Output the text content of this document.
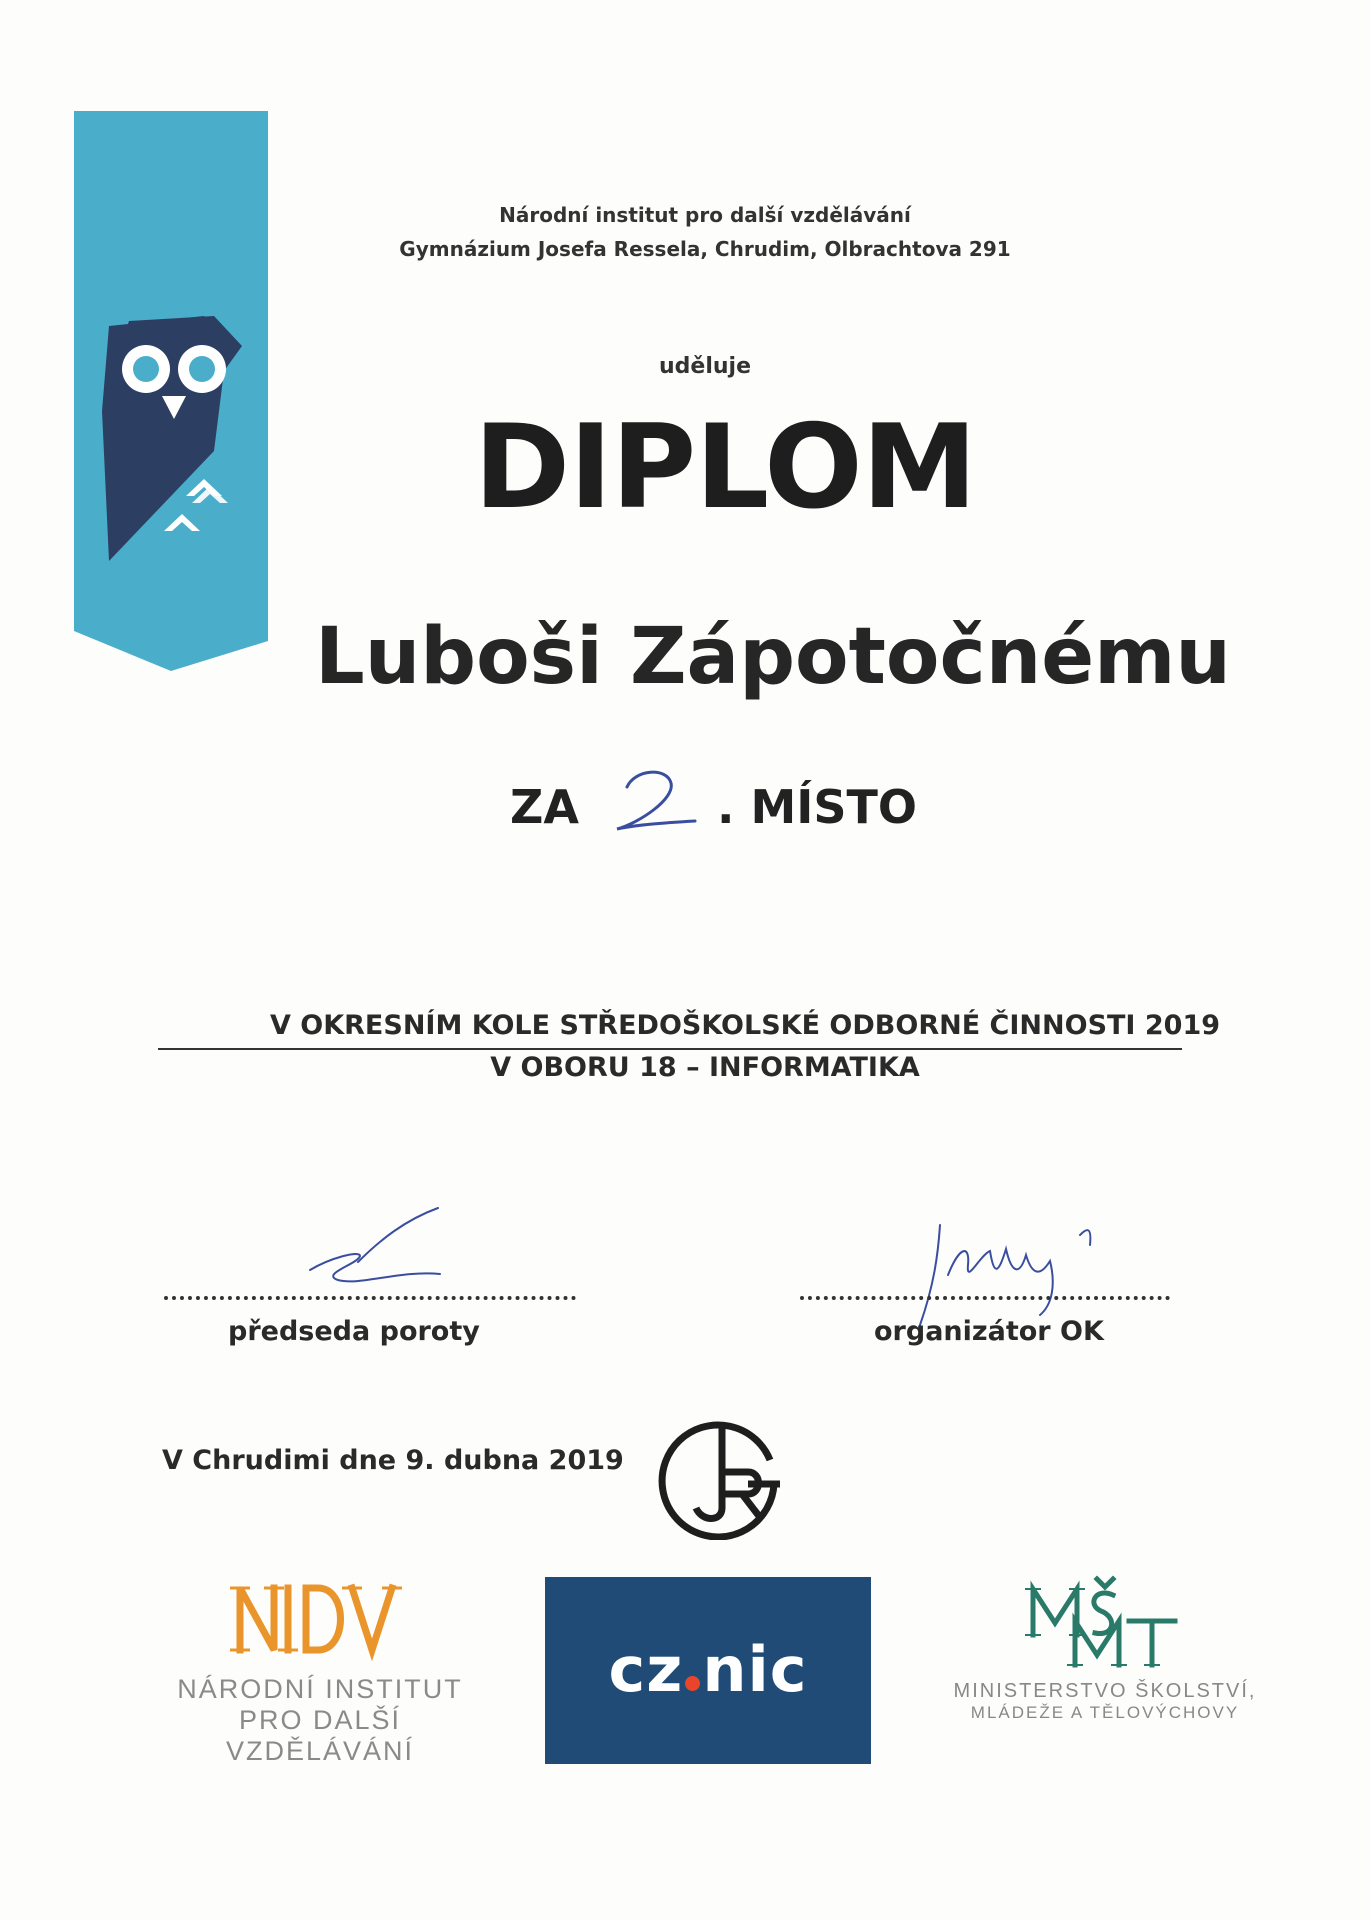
Národní institut pro další vzdělávání
Gymnázium Josefa Ressela, Chrudim, Olbrachtova 291
uděluje
DIPLOM
Luboši Zápotočnému
ZA	. MÍSTO
V OKRESNÍM KOLE STŘEDOŠKOLSKÉ ODBORNÉ ČINNOSTI 2019
V OBORU 18 – INFORMATIKA
předseda poroty	organizátor OK
V Chrudimi dne 9. dubna 2019
NÁRODNÍ INSTITUT
PRO DALŠÍ
VZDĚLÁVÁNÍ
cz nic	MINISTERSTVO ŠKOLSTVÍ,
MLÁDEŽE A TĚLOVÝCHOVY
